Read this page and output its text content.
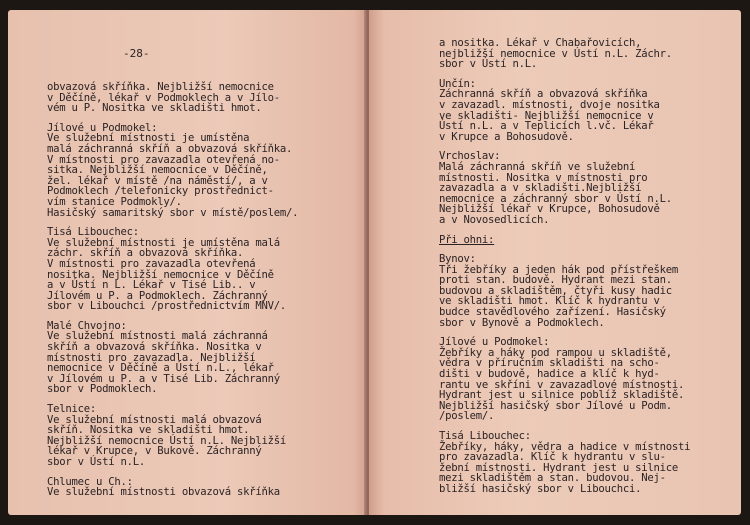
-28-
obvazová skříňka. Nejbližší nemocnice
v Děčíně, lékař v Podmoklech a v Jílo-
vém u P. Nositka ve skladišti hmot.
Jílové u Podmokel:
Ve služební místnosti je umístěna
malá záchranná skříň a obvazová skříňka.
V místnosti pro zavazadla otevřená no-
sitka. Nejbližší nemocnice v Děčíně,
žel. lékař v místě /na náměstí/, a v
Podmoklech /telefonicky prostřednict-
vím stanice Podmokly/.
Hasičský samaritský sbor v místě/poslem/.
Tisá Libouchec:
Ve služební místnosti je umístěna malá
záchr. skříň a obvazová skříňka.
V místnosti pro zavazadla otevřená
nositka. Nejbližší nemocnice v Děčíně
a v Ústí n L. Lékař v Tisé Lib.. v
Jílovém u P. a Podmoklech. Záchranný
sbor v Libouchci /prostřednictvím MNV/.
Malé Chvojno:
Ve služební místnosti malá záchranná
skříň a obvazová skříňka. Nositka v
místnosti pro zavazadla. Nejbližší
nemocnice v Děčíně a Ústí n.L., lékař
v Jílovém u P. a v Tisé Lib. Záchranný
sbor v Podmoklech.
Telnice:
Ve služební místnosti malá obvazová
skříň. Nositka ve skladišti hmot.
Nejbližší nemocnice Ústí n.L. Nejbližší
lékař v Krupce, v Bukově. Záchranný
sbor v Ústí n.L.
Chlumec u Ch.:
Ve služební místnosti obvazová skříňka
a nositka. Lékař v Chabařovicích,
nejbližší nemocnice v Ústí n.L. Záchr.
sbor v Ústí n.L.
Unčín:
Záchranná skříň a obvazová skříňka
v zavazadl. místnosti, dvoje nositka
ve skladišti- Nejbližší nemocnice v
Ústí n.L. a v Teplicích l.vč. Lékař
v Krupce a Bohosudově.
Vrchoslav:
Malá záchranná skříň ve služební
místnosti. Nositka v místnosti pro
zavazadla a v skladišti.Nejbližší
nemocnice a záchranný sbor v Ústí n.L.
Nejbližší lékař v Krupce, Bohosudově
a v Novosedlicích.
Při ohni:
Bynov:
Tři žebříky a jeden hák pod přístřeškem
proti stan. budově. Hydrant mezi stan.
budovou a skladištěm, čtyři kusy hadic
ve skladišti hmot. Klíč k hydrantu v
budce stavědlového zařízení. Hasičský
sbor v Bynově a Podmoklech.
Jílové u Podmokel:
Žebříky a háky pod rampou u skladiště,
vědra v příručním skladišti na scho-
dišti v budově, hadice a klíč k hyd-
rantu ve skříni v zavazadlové místnosti.
Hydrant jest u silnice poblíž skladiště.
Nejbližší hasičský sbor Jílové u Podm.
/poslem/.
Tisá Libouchec:
Žebříky, háky, vědra a hadice v místnosti
pro zavazadla. Klíč k hydrantu v slu-
žební místnosti. Hydrant jest u silnice
mezi skladištěm a stan. budovou. Nej-
bližší hasičský sbor v Libouchci.
